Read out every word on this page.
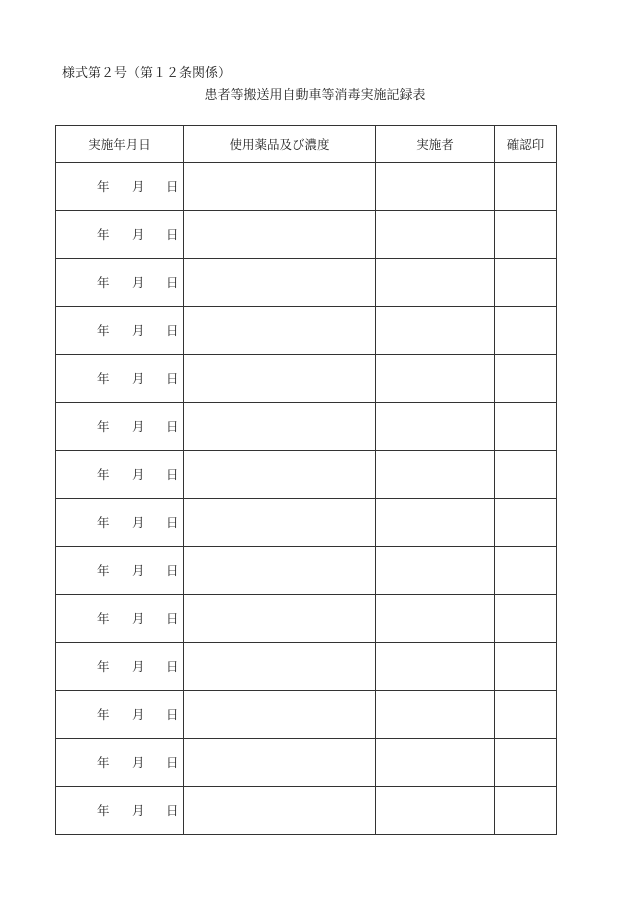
様式第２号（第１２条関係）
患者等搬送用自動車等消毒実施記録表
実施年月日	使用薬品及び濃度	実施者	確認印

年 月 日			

年 月 日			

年 月 日			

年 月 日			

年 月 日			

年 月 日			

年 月 日			

年 月 日			

年 月 日			

年 月 日			

年 月 日			

年 月 日			

年 月 日			

年 月 日			
